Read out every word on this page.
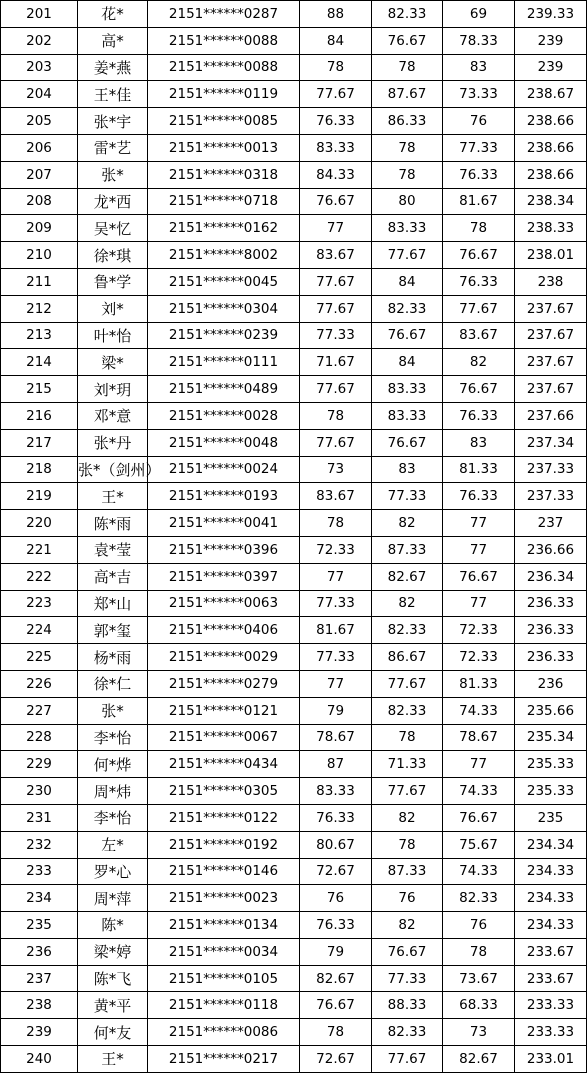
201	花*	2151******0287	88	82.33	69	239.33
202	高*	2151******0088	84	76.67	78.33	239
203	姜*燕	2151******0088	78	78	83	239
204	王*佳	2151******0119	77.67	87.67	73.33	238.67
205	张*宇	2151******0085	76.33	86.33	76	238.66
206	雷*艺	2151******0013	83.33	78	77.33	238.66
207	张*	2151******0318	84.33	78	76.33	238.66
208	龙*西	2151******0718	76.67	80	81.67	238.34
209	吴*忆	2151******0162	77	83.33	78	238.33
210	徐*琪	2151******8002	83.67	77.67	76.67	238.01
211	鲁*学	2151******0045	77.67	84	76.33	238
212	刘*	2151******0304	77.67	82.33	77.67	237.67
213	叶*怡	2151******0239	77.33	76.67	83.67	237.67
214	梁*	2151******0111	71.67	84	82	237.67
215	刘*玥	2151******0489	77.67	83.33	76.67	237.67
216	邓*意	2151******0028	78	83.33	76.33	237.66
217	张*丹	2151******0048	77.67	76.67	83	237.34
218	张*（剑州）	2151******0024	73	83	81.33	237.33
219	王*	2151******0193	83.67	77.33	76.33	237.33
220	陈*雨	2151******0041	78	82	77	237
221	袁*莹	2151******0396	72.33	87.33	77	236.66
222	高*吉	2151******0397	77	82.67	76.67	236.34
223	郑*山	2151******0063	77.33	82	77	236.33
224	郭*玺	2151******0406	81.67	82.33	72.33	236.33
225	杨*雨	2151******0029	77.33	86.67	72.33	236.33
226	徐*仁	2151******0279	77	77.67	81.33	236
227	张*	2151******0121	79	82.33	74.33	235.66
228	李*怡	2151******0067	78.67	78	78.67	235.34
229	何*烨	2151******0434	87	71.33	77	235.33
230	周*炜	2151******0305	83.33	77.67	74.33	235.33
231	李*怡	2151******0122	76.33	82	76.67	235
232	左*	2151******0192	80.67	78	75.67	234.34
233	罗*心	2151******0146	72.67	87.33	74.33	234.33
234	周*萍	2151******0023	76	76	82.33	234.33
235	陈*	2151******0134	76.33	82	76	234.33
236	梁*婷	2151******0034	79	76.67	78	233.67
237	陈*飞	2151******0105	82.67	77.33	73.67	233.67
238	黄*平	2151******0118	76.67	88.33	68.33	233.33
239	何*友	2151******0086	78	82.33	73	233.33
240	王*	2151******0217	72.67	77.67	82.67	233.01
